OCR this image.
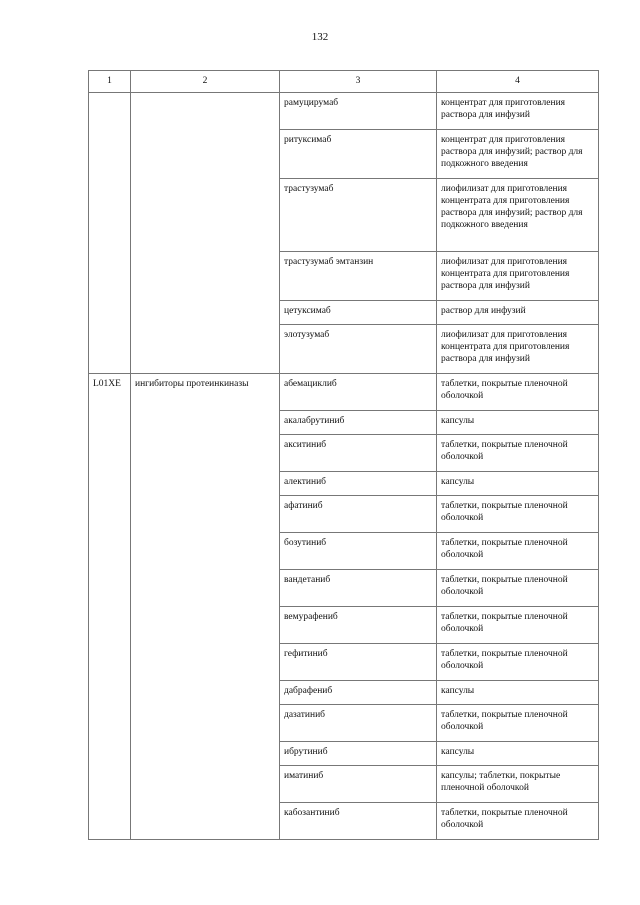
132
1	2	3	4
		рамуцирумаб	концентрат для приготовления раствора для инфузий
		ритуксимаб	концентрат для приготовления раствора для инфузий; раствор для подкожного введения
		трастузумаб	лиофилизат для приготовления концентрата для приготовления раствора для инфузий; раствор для подкожного введения
		трастузумаб эмтанзин	лиофилизат для приготовления концентрата для приготовления раствора для инфузий
		цетуксимаб	раствор для инфузий
		элотузумаб	лиофилизат для приготовления концентрата для приготовления раствора для инфузий
L01XE	ингибиторы протеинкиназы	абемациклиб	таблетки, покрытые пленочной оболочкой
		акалабрутиниб	капсулы
		акситиниб	таблетки, покрытые пленочной оболочкой
		алектиниб	капсулы
		афатиниб	таблетки, покрытые пленочной оболочкой
		бозутиниб	таблетки, покрытые пленочной оболочкой
		вандетаниб	таблетки, покрытые пленочной оболочкой
		вемурафениб	таблетки, покрытые пленочной оболочкой
		гефитиниб	таблетки, покрытые пленочной оболочкой
		дабрафениб	капсулы
		дазатиниб	таблетки, покрытые пленочной оболочкой
		ибрутиниб	капсулы
		иматиниб	капсулы; таблетки, покрытые пленочной оболочкой
		кабозантиниб	таблетки, покрытые пленочной оболочкой
